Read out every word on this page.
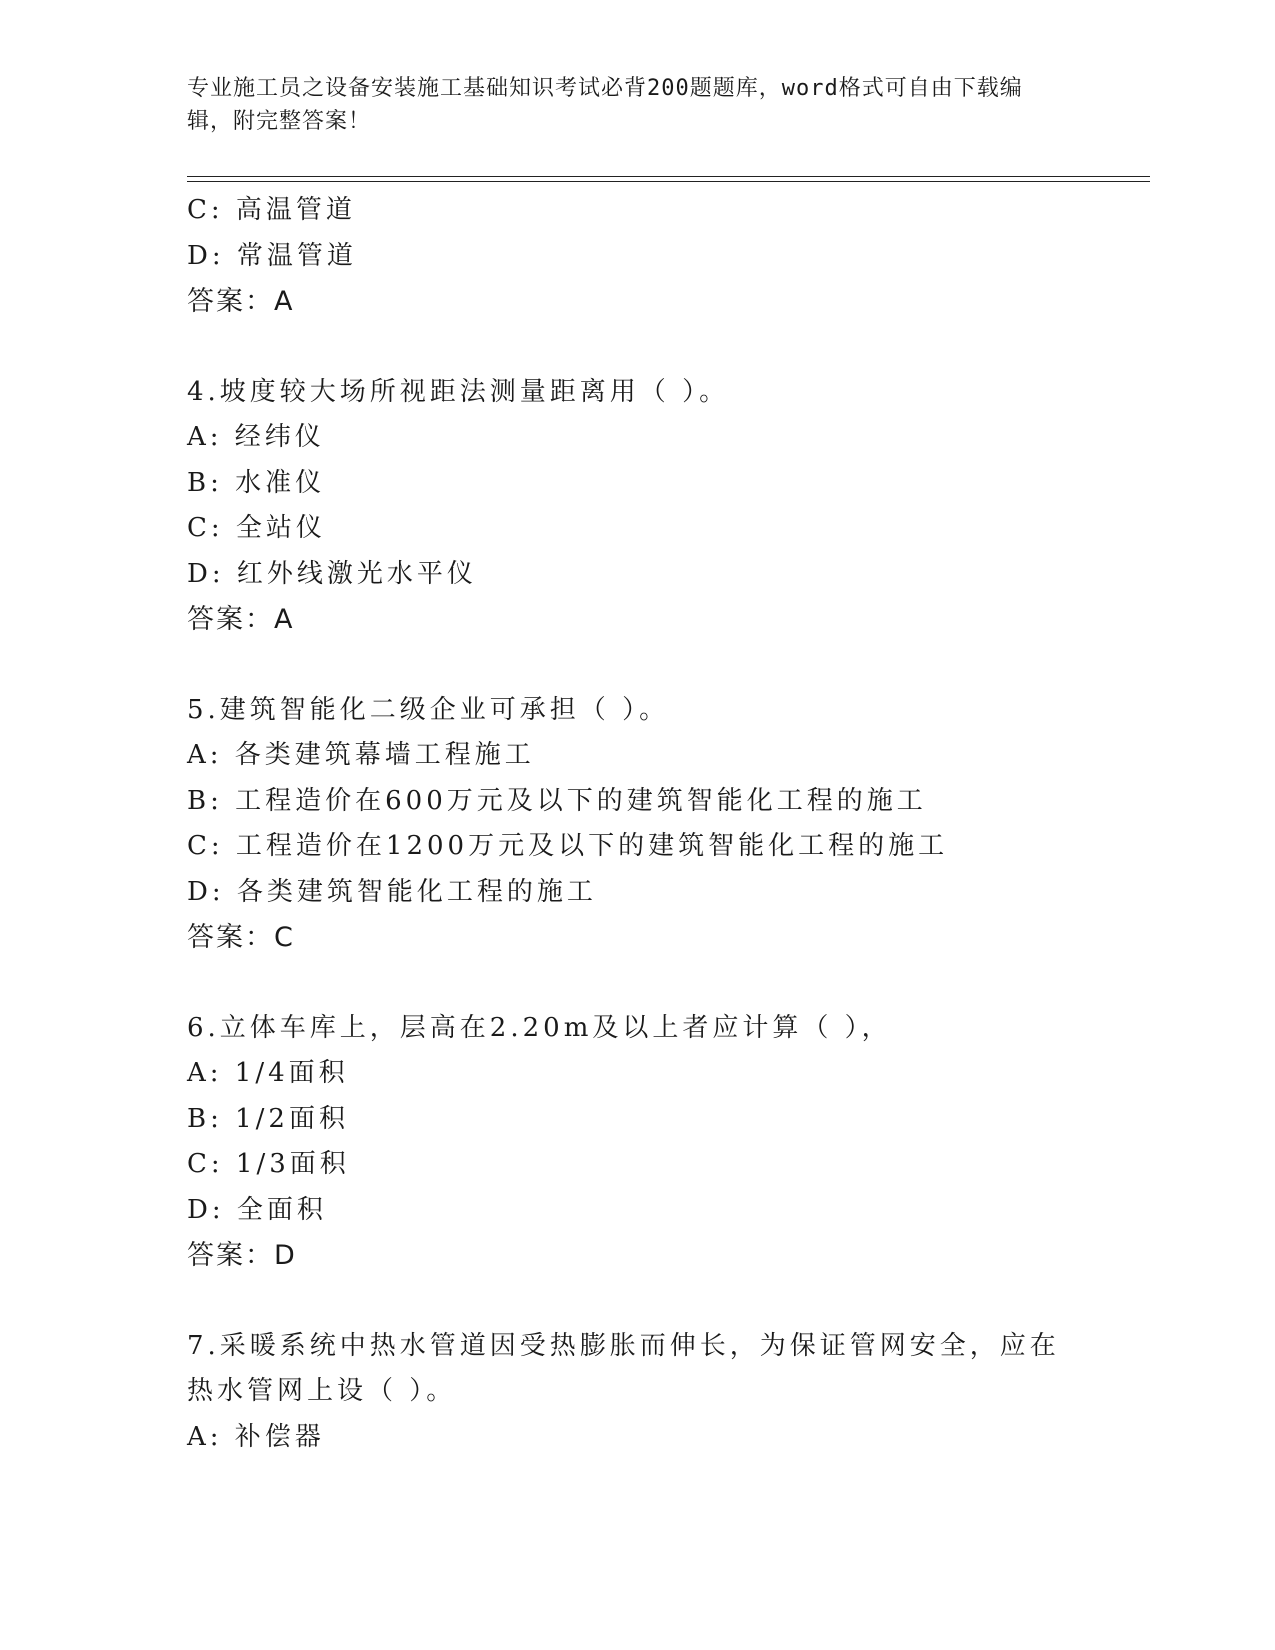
专业施工员之设备安装施工基础知识考试必背200题题库，word格式可自由下载编辑，附完整答案！
C: 高温管道
D: 常温管道
答案：A
4.坡度较大场所视距法测量距离用（ ）。
A: 经纬仪
B: 水准仪
C: 全站仪
D: 红外线激光水平仪
答案：A
5.建筑智能化二级企业可承担（ ）。
A: 各类建筑幕墙工程施工
B: 工程造价在600万元及以下的建筑智能化工程的施工
C: 工程造价在1200万元及以下的建筑智能化工程的施工
D: 各类建筑智能化工程的施工
答案：C
6.立体车库上，层高在2.20m及以上者应计算（ ），
A: 1/4面积
B: 1/2面积
C: 1/3面积
D: 全面积
答案：D
7.采暖系统中热水管道因受热膨胀而伸长，为保证管网安全，应在热水管网上设（ ）。
A: 补偿器
